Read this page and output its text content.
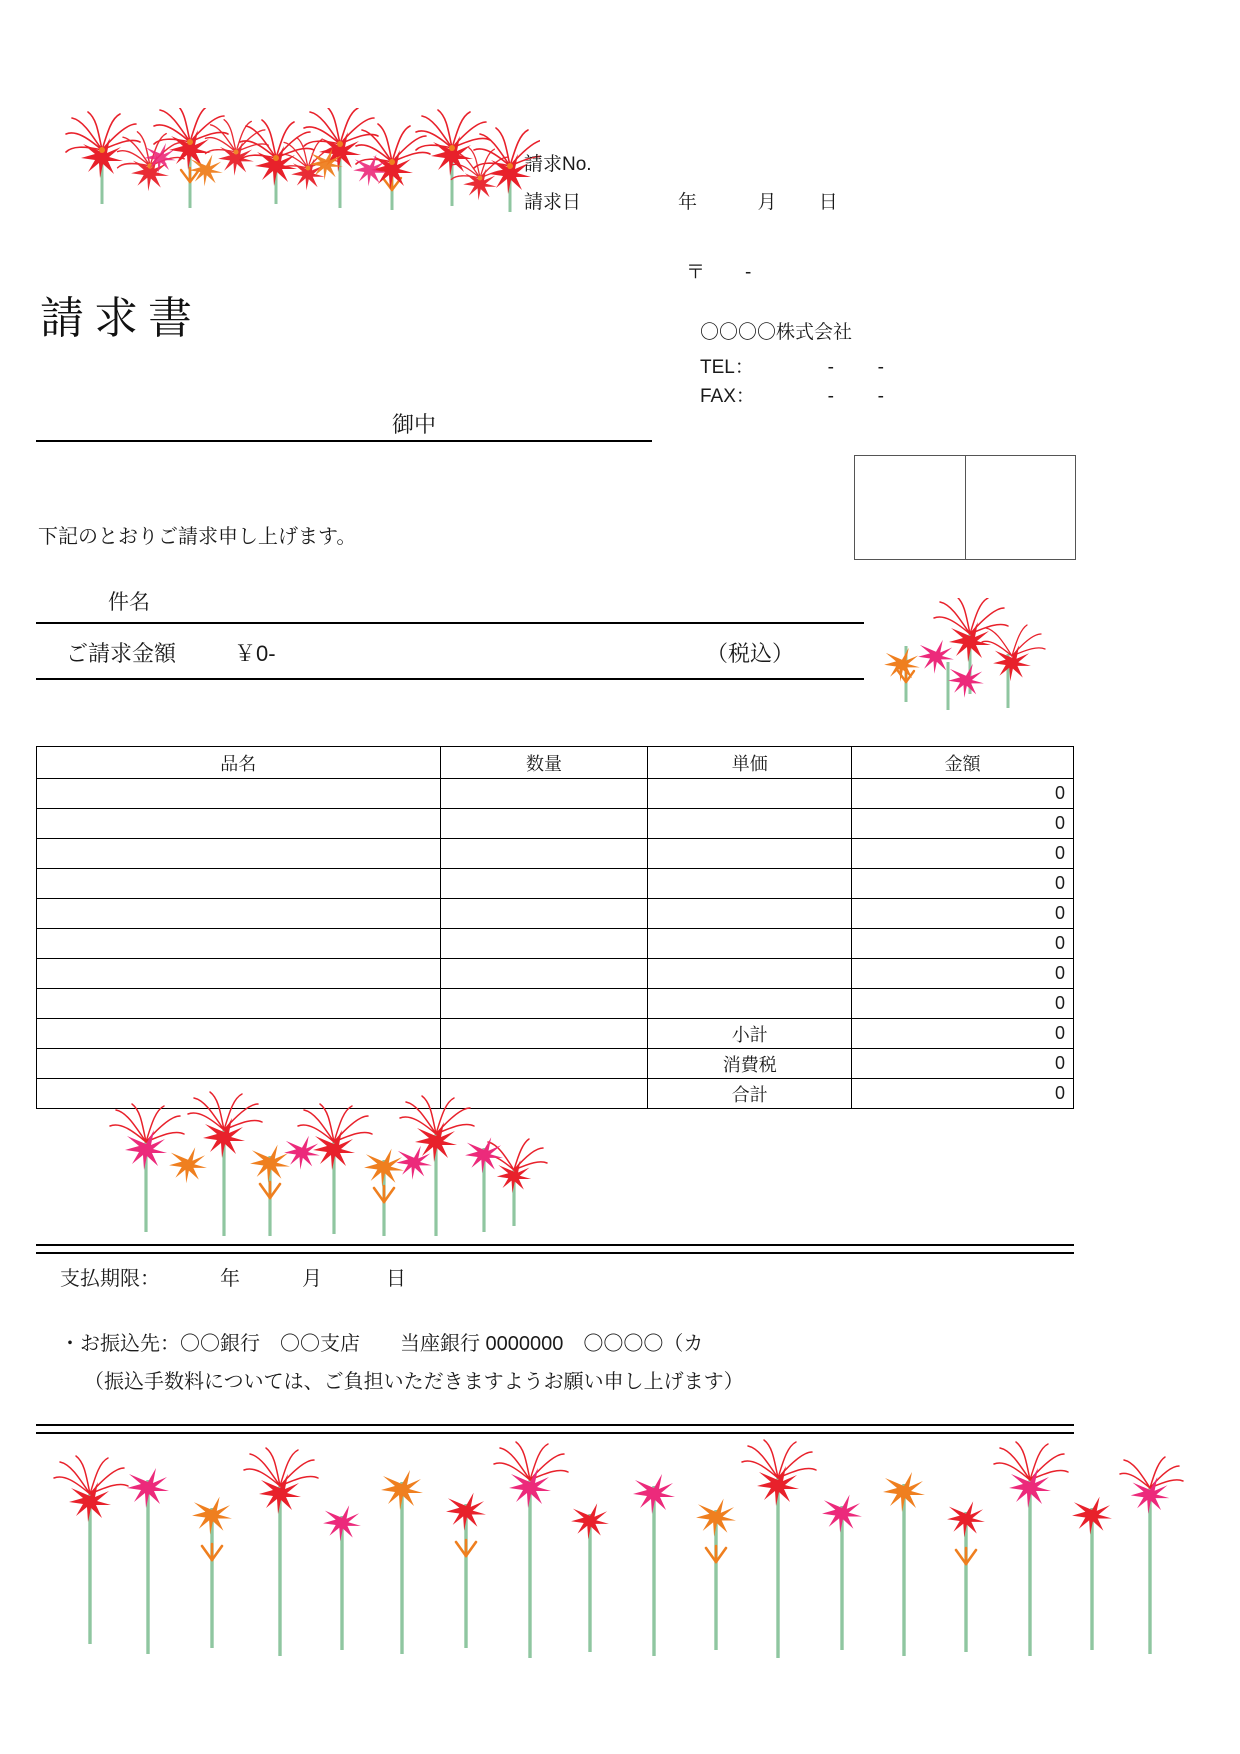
請求No.
請求日	年	月	日
〒 -
〇〇〇〇株式会社
TEL：	-	-
FAX：	-	-
請求書
御中
下記のとおりご請求申し上げます。
件名
ご請求金額	￥0-	（税込）
品名	数量	単価	金額
			0
			0
			0
			0
			0
			0
			0
			0
		小計	0
		消費税	0
		合計	0
支払期限：	年	月	日
・お振込先：〇〇銀行　〇〇支店　　当座銀行 0000000　〇〇〇〇（カ
（振込手数料については、ご負担いただきますようお願い申し上げます）
